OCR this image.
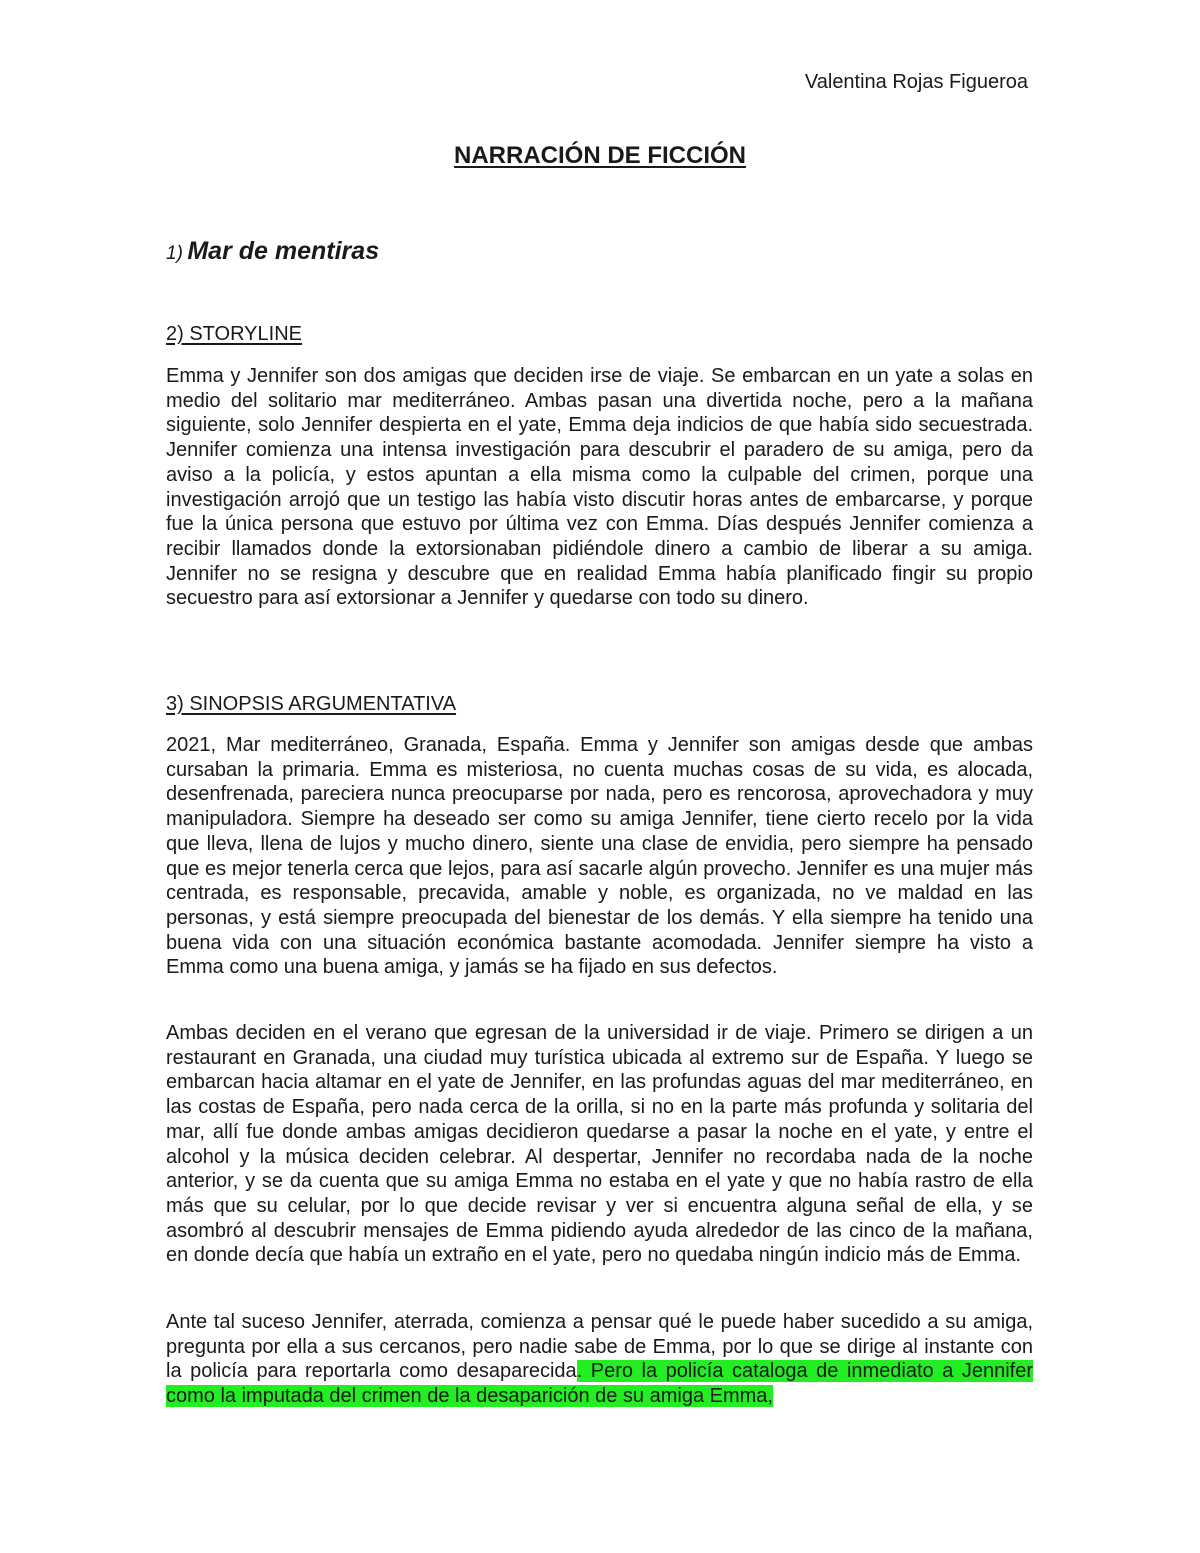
Valentina Rojas Figueroa
NARRACIÓN DE FICCIÓN
1) Mar de mentiras
2) STORYLINE

Emma y Jennifer son dos amigas que deciden irse de viaje. Se embarcan en un yate a solas en medio del solitario mar mediterráneo. Ambas pasan una divertida noche, pero a la mañana siguiente, solo Jennifer despierta en el yate, Emma deja indicios de que había sido secuestrada. Jennifer comienza una intensa investigación para descubrir el paradero de su amiga, pero da aviso a la policía, y estos apuntan a ella misma como la culpable del crimen, porque una investigación arrojó que un testigo las había visto discutir horas antes de embarcarse, y porque fue la única persona que estuvo por última vez con Emma. Días después Jennifer comienza a recibir llamados donde la extorsionaban pidiéndole dinero a cambio de liberar a su amiga. Jennifer no se resigna y descubre que en realidad Emma había planificado fingir su propio secuestro para así extorsionar a Jennifer y quedarse con todo su dinero.

3) SINOPSIS ARGUMENTATIVA

2021, Mar mediterráneo, Granada, España. Emma y Jennifer son amigas desde que ambas cursaban la primaria. Emma es misteriosa, no cuenta muchas cosas de su vida, es alocada, desenfrenada, pareciera nunca preocuparse por nada, pero es rencorosa, aprovechadora y muy manipuladora. Siempre ha deseado ser como su amiga Jennifer, tiene cierto recelo por la vida que lleva, llena de lujos y mucho dinero, siente una clase de envidia, pero siempre ha pensado que es mejor tenerla cerca que lejos, para así sacarle algún provecho. Jennifer es una mujer más centrada, es responsable, precavida, amable y noble, es organizada, no ve maldad en las personas, y está siempre preocupada del bienestar de los demás. Y ella siempre ha tenido una buena vida con una situación económica bastante acomodada. Jennifer siempre ha visto a Emma como una buena amiga, y jamás se ha fijado en sus defectos.

Ambas deciden en el verano que egresan de la universidad ir de viaje. Primero se dirigen a un restaurant en Granada, una ciudad muy turística ubicada al extremo sur de España. Y luego se embarcan hacia altamar en el yate de Jennifer, en las profundas aguas del mar mediterráneo, en las costas de España, pero nada cerca de la orilla, si no en la parte más profunda y solitaria del mar, allí fue donde ambas amigas decidieron quedarse a pasar la noche en el yate, y entre el alcohol y la música deciden celebrar. Al despertar, Jennifer no recordaba nada de la noche anterior, y se da cuenta que su amiga Emma no estaba en el yate y que no había rastro de ella más que su celular, por lo que decide revisar y ver si encuentra alguna señal de ella, y se asombró al descubrir mensajes de Emma pidiendo ayuda alrededor de las cinco de la mañana, en donde decía que había un extraño en el yate, pero no quedaba ningún indicio más de Emma.

Ante tal suceso Jennifer, aterrada, comienza a pensar qué le puede haber sucedido a su amiga, pregunta por ella a sus cercanos, pero nadie sabe de Emma, por lo que se dirige al instante con la policía para reportarla como desaparecida. Pero la policía cataloga de inmediato a Jennifer como la imputada del crimen de la desaparición de su amiga Emma,
